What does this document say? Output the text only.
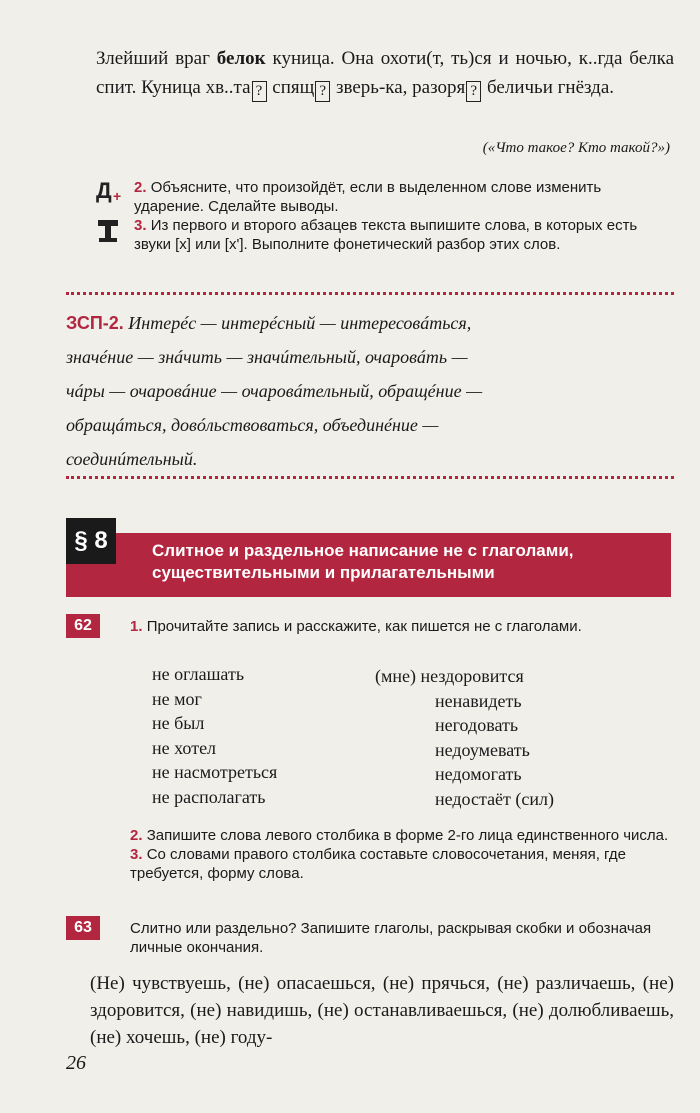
Злейший враг белок куница. Она охоти(т, ть)ся и ночью, к..гда белка спит. Куница хв..та ? спящ ? зверь-ка, разоря ? беличьи гнёзда.
(«Что такое? Кто такой?»)
Д + 2. Объясните, что произойдёт, если в выделенном слове изменить ударение. Сделайте выводы.
3. Из первого и второго абзацев текста выпишите слова, в которых есть звуки [х] или [х']. Выполните фонетический разбор этих слов.
ЗСП-2. Интерéс — интерéсный — интересовáться,
значéние — знáчить — значúтельный, очаровáть —
чáры — очаровáние — очаровáтельный, обращéние —
обращáться, довóльствоваться, объединéние —
соединúтельный.
§ 8	Слитное и раздельное написание не с глаголами,
существительными и прилагательными
62	1. Прочитайте запись и расскажите, как пишется не с глаголами.
не оглашать
не мог
не был
не хотел
не насмотреться
не располагать
(мне) нездоровится
ненавидеть
негодовать
недоумевать
недомогать
недостаёт (сил)
2. Запишите слова левого столбика в форме 2-го лица единственного числа.
3. Со словами правого столбика составьте словосочетания, меняя, где требуется, форму слова.
63	Слитно или раздельно? Запишите глаголы, раскрывая скобки и обозначая личные окончания.
(Не) чувствуешь, (не) опасаешься, (не) прячься, (не) различаешь, (не) здоровится, (не) навидишь, (не) останавливаешься, (не) долюбливаешь, (не) хочешь, (не) году-
26
